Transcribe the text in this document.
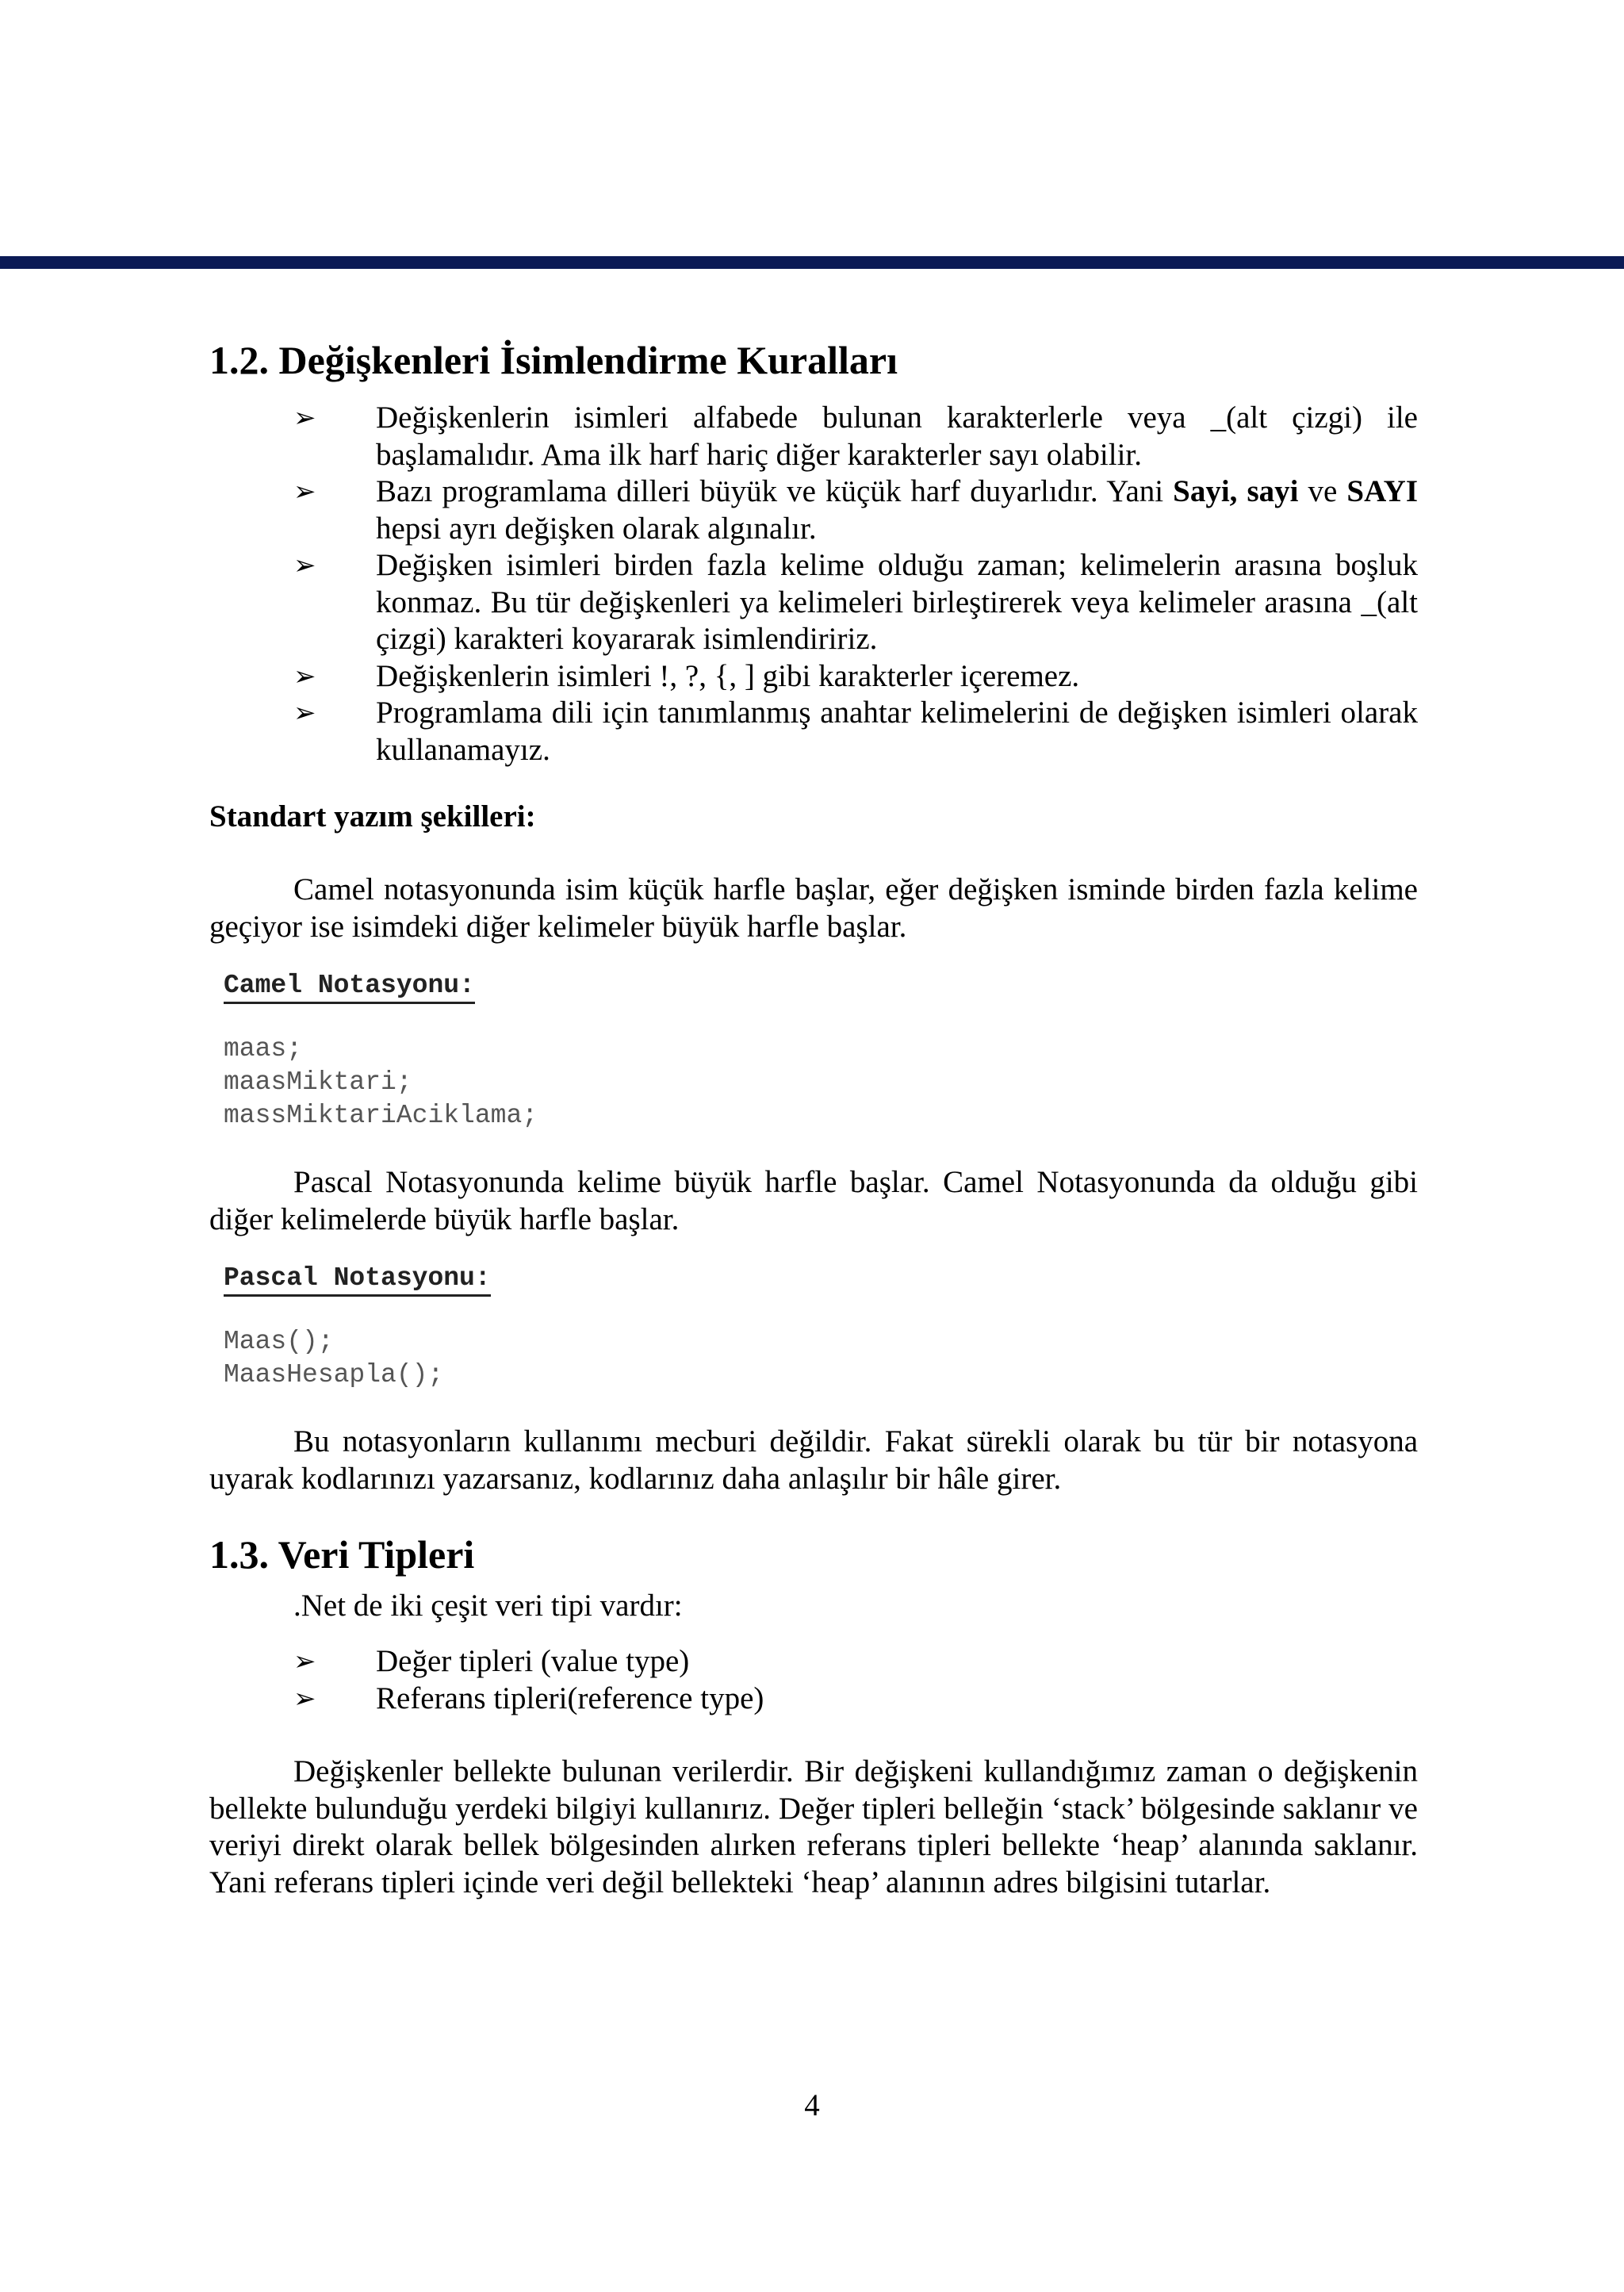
1.2. Değişkenleri İsimlendirme Kuralları
➢ Değişkenlerin isimleri alfabede bulunan karakterlerle veya _(alt çizgi) ile başlamalıdır. Ama ilk harf hariç diğer karakterler sayı olabilir.
➢ Bazı programlama dilleri büyük ve küçük harf duyarlıdır. Yani Sayi, sayi ve SAYI hepsi ayrı değişken olarak algınalır.
➢ Değişken isimleri birden fazla kelime olduğu zaman; kelimelerin arasına boşluk konmaz. Bu tür değişkenleri ya kelimeleri birleştirerek veya kelimeler arasına _(alt çizgi) karakteri koyararak isimlendiririz.
➢ Değişkenlerin isimleri !, ?, {, ] gibi karakterler içeremez.
➢ Programlama dili için tanımlanmış anahtar kelimelerini de değişken isimleri olarak kullanamayız.
Standart yazım şekilleri:

Camel notasyonunda isim küçük harfle başlar, eğer değişken isminde birden fazla kelime geçiyor ise isimdeki diğer kelimeler büyük harfle başlar.

Camel Notasyonu:
maas;
maasMiktari;
massMiktariAciklama;

Pascal Notasyonunda kelime büyük harfle başlar. Camel Notasyonunda da olduğu gibi diğer kelimelerde büyük harfle başlar.

Pascal Notasyonu:
Maas();
MaasHesapla();

Bu notasyonların kullanımı mecburi değildir. Fakat sürekli olarak bu tür bir notasyona uyarak kodlarınızı yazarsanız, kodlarınız daha anlaşılır bir hâle girer.

1.3. Veri Tipleri
.Net de iki çeşit veri tipi vardır:
➢ Değer tipleri (value type)
➢ Referans tipleri(reference type)

Değişkenler bellekte bulunan verilerdir. Bir değişkeni kullandığımız zaman o değişkenin bellekte bulunduğu yerdeki bilgiyi kullanırız. Değer tipleri belleğin ‘stack’ bölgesinde saklanır ve veriyi direkt olarak bellek bölgesinden alırken referans tipleri bellekte ‘heap’ alanında saklanır. Yani referans tipleri içinde veri değil bellekteki ‘heap’ alanının adres bilgisini tutarlar.

4
